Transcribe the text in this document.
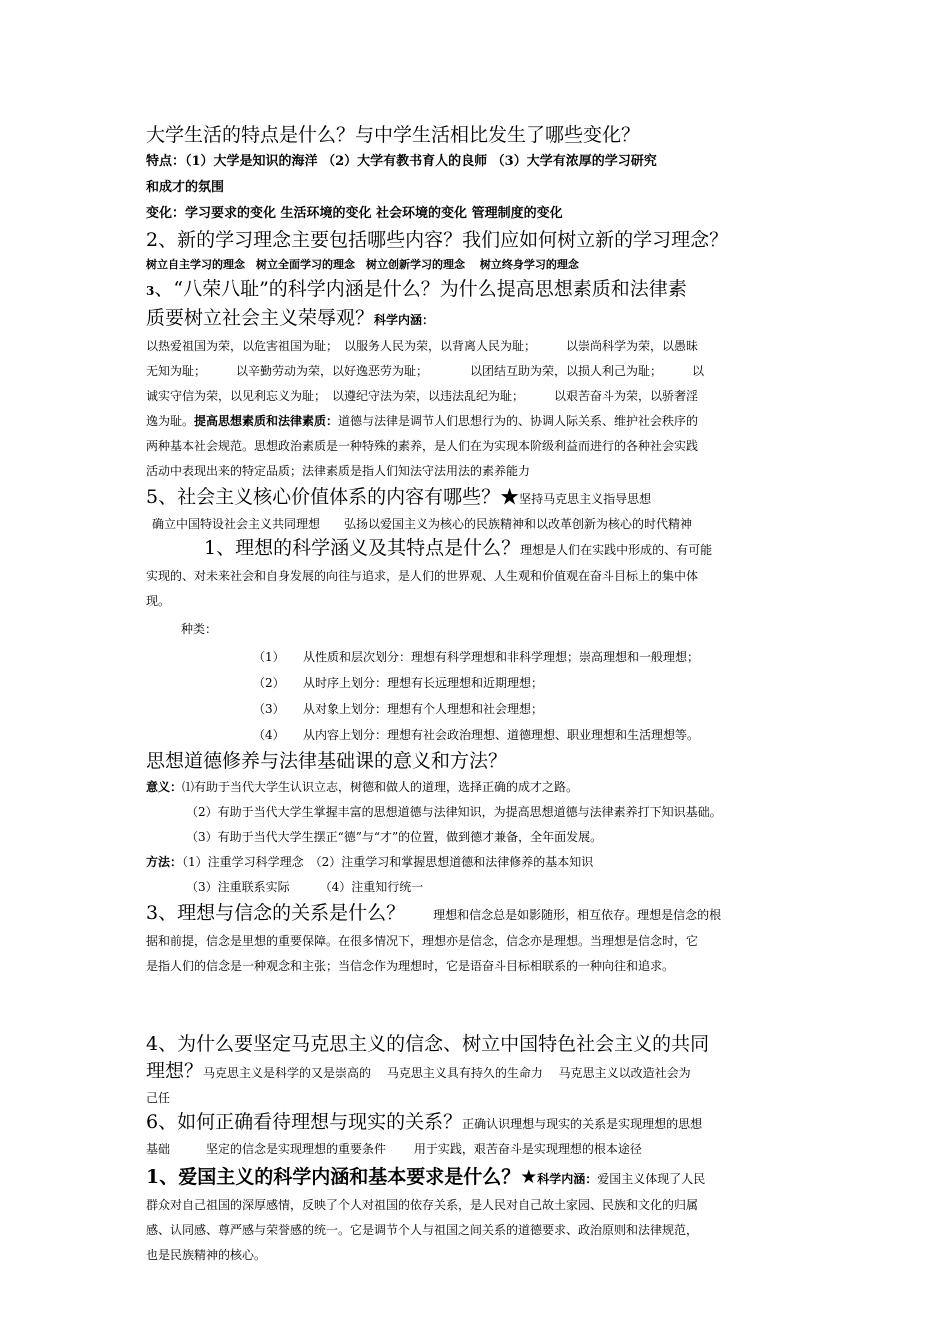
大学生活的特点是什么？与中学生活相比发生了哪些变化？

特点：（1）大学是知识的海洋 （2）大学有教书育人的良师 （3）大学有浓厚的学习研究

和成才的氛围

变化：学习要求的变化 生活环境的变化 社会环境的变化 管理制度的变化

2、新的学习理念主要包括哪些内容？我们应如何树立新的学习理念？

树立自主学习的理念　树立全面学习的理念　树立创新学习的理念　 树立终身学习的理念

3、“八荣八耻”的科学内涵是什么？为什么提高思想素质和法律素

质要树立社会主义荣辱观？科学内涵：

以热爱祖国为荣，以危害祖国为耻；　以服务人民为荣，以背离人民为耻；　　　以崇尚科学为荣，以愚昧

无知为耻；　　　以辛勤劳动为荣，以好逸恶劳为耻；　　　　以团结互助为荣，以损人利己为耻；　　　以

诚实守信为荣，以见利忘义为耻；　以遵纪守法为荣，以违法乱纪为耻；　　　以艰苦奋斗为荣，以骄奢淫

逸为耻。提高思想素质和法律素质：道德与法律是调节人们思想行为的、协调人际关系、维护社会秩序的

两种基本社会规范。思想政治素质是一种特殊的素养，是人们在为实现本阶级利益而进行的各种社会实践

活动中表现出来的特定品质；法律素质是指人们知法守法用法的素养能力

5、社会主义核心价值体系的内容有哪些？★坚持马克思主义指导思想

确立中国特设社会主义共同理想　　弘扬以爱国主义为核心的民族精神和以改革创新为核心的时代精神

1、理想的科学涵义及其特点是什么？理想是人们在实践中形成的、有可能

实现的、对未来社会和自身发展的向往与追求，是人们的世界观、人生观和价值观在奋斗目标上的集中体

现。

种类：

（1）	从性质和层次划分：理想有科学理想和非科学理想；崇高理想和一般理想；
（2）	从时序上划分：理想有长远理想和近期理想；
（3）	从对象上划分：理想有个人理想和社会理想；
（4）	从内容上划分：理想有社会政治理想、道德理想、职业理想和生活理想等。

思想道德修养与法律基础课的意义和方法？

意义：⑴有助于当代大学生认识立志，树德和做人的道理，选择正确的成才之路。

（2）有助于当代大学生掌握丰富的思想道德与法律知识，为提高思想道德与法律素养打下知识基础。

（3）有助于当代大学生摆正“德”与“才”的位置，做到德才兼备，全年面发展。

方法：（1）注重学习科学理念　（2）注重学习和掌握思想道德和法律修养的基本知识

（3）注重联系实际　　　（4）注重知行统一

3、理想与信念的关系是什么？ 理想和信念总是如影随形，相互依存。理想是信念的根

据和前提，信念是里想的重要保障。在很多情况下，理想亦是信念，信念亦是理想。当理想是信念时，它

是指人们的信念是一种观念和主张；当信念作为理想时，它是语奋斗目标相联系的一种向往和追求。

4、为什么要坚定马克思主义的信念、树立中国特色社会主义的共同

理想？马克思主义是科学的又是崇高的　 马克思主义具有持久的生命力　 马克思主义以改造社会为

己任

6、如何正确看待理想与现实的关系？正确认识理想与现实的关系是实现理想的思想

基础　　　坚定的信念是实现理想的重要条件　　 用于实践，艰苦奋斗是实现理想的根本途径

1、爱国主义的科学内涵和基本要求是什么？★科学内涵：爱国主义体现了人民

群众对自己祖国的深厚感情，反映了个人对祖国的依存关系，是人民对自己故土家园、民族和文化的归属

感、认同感、尊严感与荣誉感的统一。它是调节个人与祖国之间关系的道德要求、政治原则和法律规范，

也是民族精神的核心。
